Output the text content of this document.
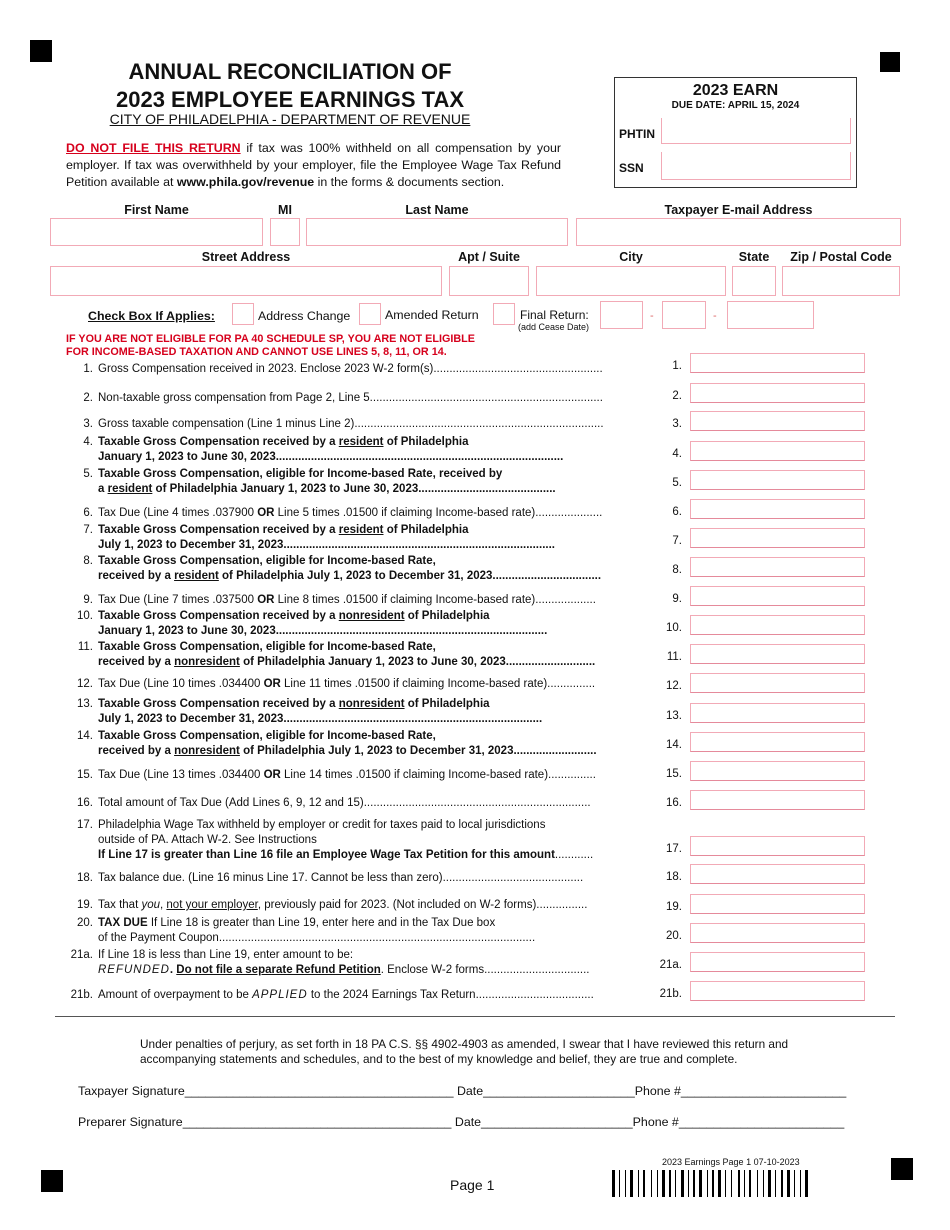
ANNUAL RECONCILIATION OF
2023 EMPLOYEE EARNINGS TAX
CITY OF PHILADELPHIA - DEPARTMENT OF REVENUE
DO NOT FILE THIS RETURN if tax was 100% withheld on all compensation by your employer. If tax was overwithheld by your employer, file the Employee Wage Tax Refund Petition available at www.phila.gov/revenue in the forms & documents section.
2023 EARN
DUE DATE: APRIL 15, 2024
PHTIN
SSN
First Name	MI	Last Name	Taxpayer E-mail Address
Street Address	Apt / Suite	City	State	Zip / Postal Code
Check Box If Applies:	Address Change	Amended Return	Final Return:
(add Cease Date)
-	-
IF YOU ARE NOT ELIGIBLE FOR PA 40 SCHEDULE SP, YOU ARE NOT ELIGIBLE
FOR INCOME-BASED TAXATION AND CANNOT USE LINES 5, 8, 11, OR 14.
1. Gross Compensation received in 2023. Enclose 2023 W-2 form(s).....................................................	1.
2. Non-taxable gross compensation from Page 2, Line 5.........................................................................	2.
3. Gross taxable compensation (Line 1 minus Line 2)..............................................................................	3.
4. Taxable Gross Compensation received by a resident of Philadelphia
January 1, 2023 to June 30, 2023..........................................................................................	4.
5. Taxable Gross Compensation, eligible for Income-based Rate, received by
a resident of Philadelphia January 1, 2023 to June 30, 2023...........................................	5.
6. Tax Due (Line 4 times .037900 OR Line 5 times .01500 if claiming Income-based rate).....................	6.
7. Taxable Gross Compensation received by a resident of Philadelphia
July 1, 2023 to December 31, 2023.....................................................................................	7.
8. Taxable Gross Compensation, eligible for Income-based Rate,
received by a resident of Philadelphia July 1, 2023 to December 31, 2023..................................	8.
9. Tax Due (Line 7 times .037500 OR Line 8 times .01500 if claiming Income-based rate)...................	9.
10. Taxable Gross Compensation received by a nonresident of Philadelphia
January 1, 2023 to June 30, 2023.....................................................................................	10.
11. Taxable Gross Compensation, eligible for Income-based Rate,
received by a nonresident of Philadelphia January 1, 2023 to June 30, 2023............................	11.
12. Tax Due (Line 10 times .034400 OR Line 11 times .01500 if claiming Income-based rate)...............	12.
13. Taxable Gross Compensation received by a nonresident of Philadelphia
July 1, 2023 to December 31, 2023.................................................................................	13.
14. Taxable Gross Compensation, eligible for Income-based Rate,
received by a nonresident of Philadelphia July 1, 2023 to December 31, 2023..........................	14.
15. Tax Due (Line 13 times .034400 OR Line 14 times .01500 if claiming Income-based rate)...............	15.
16. Total amount of Tax Due (Add Lines 6, 9, 12 and 15).......................................................................	16.
17. Philadelphia Wage Tax withheld by employer or credit for taxes paid to local jurisdictions
outside of PA. Attach W-2. See Instructions
If Line 17 is greater than Line 16 file an Employee Wage Tax Petition for this amount............	17.
18. Tax balance due. (Line 16 minus Line 17. Cannot be less than zero)............................................	18.
19. Tax that you, not your employer, previously paid for 2023. (Not included on W-2 forms)................	19.
20. TAX DUE If Line 18 is greater than Line 19, enter here and in the Tax Due box
of the Payment Coupon...................................................................................................	20.
21a. If Line 18 is less than Line 19, enter amount to be:
REFUNDED. Do not file a separate Refund Petition. Enclose W-2 forms.................................	21a.
21b. Amount of overpayment to be APPLIED to the 2024 Earnings Tax Return.....................................	21b.
Under penalties of perjury, as set forth in 18 PA C.S. §§ 4902-4903 as amended, I swear that I have reviewed this return and accompanying statements and schedules, and to the best of my knowledge and belief, they are true and complete.
Taxpayer Signature_______________________________________ Date______________________Phone #________________________
Preparer Signature_______________________________________ Date______________________Phone #________________________
2023 Earnings Page 1 07-10-2023
Page 1
